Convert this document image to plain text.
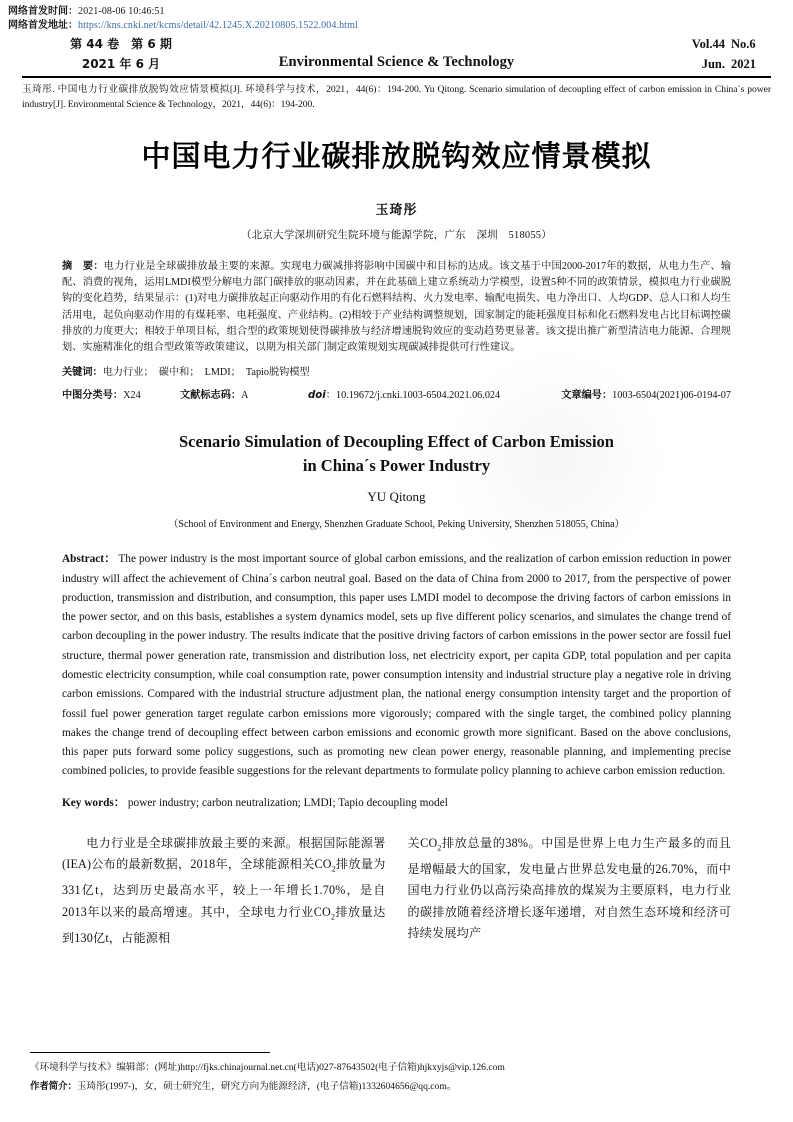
网络首发时间：2021-08-06 10:46:51
网络首发地址：https://kns.cnki.net/kcms/detail/42.1245.X.20210805.1522.004.html
第 44 卷　第 6 期
2021 年 6 月	Environmental Science & Technology
Vol.44 No.6
Jun. 2021
玉琦彤. 中国电力行业碳排放脱钩效应情景模拟[J]. 环境科学与技术，2021，44(6)：194-200. Yu Qitong. Scenario simulation of decoupling effect of carbon emission in China´s power industry[J]. Environmental Science & Technology，2021，44(6)：194-200.
中国电力行业碳排放脱钩效应情景模拟
玉琦彤
（北京大学深圳研究生院环境与能源学院，广东　深圳　518055）
摘　要：电力行业是全球碳排放最主要的来源。实现电力碳减排将影响中国碳中和目标的达成。该文基于中国2000-2017年的数据，从电力生产、输配、消费的视角，运用LMDI模型分解电力部门碳排放的驱动因素，并在此基础上建立系统动力学模型，设置5种不同的政策情景，模拟电力行业碳脱钩的变化趋势，结果显示：(1)对电力碳排放起正向驱动作用的有化石燃料结构、火力发电率、输配电损失、电力净出口、人均GDP、总人口和人均生活用电，起负向驱动作用的有煤耗率、电耗强度、产业结构。(2)相较于产业结构调整规划，国家制定的能耗强度目标和化石燃料发电占比目标调控碳排放的力度更大；相较于单项目标，组合型的政策规划使得碳排放与经济增速脱钩效应的变动趋势更显著。该文提出推广新型清洁电力能源、合理规划、实施精准化的组合型政策等政策建议，以期为相关部门制定政策规划实现碳减排提供可行性建议。
关键词：电力行业；　碳中和；　LMDI；　Tapio脱钩模型
中图分类号：X24	文献标志码：A	doi：10.19672/j.cnki.1003-6504.2021.06.024	文章编号：1003-6504(2021)06-0194-07
Scenario Simulation of Decoupling Effect of Carbon Emission
in China´s Power Industry
YU Qitong
（School of Environment and Energy, Shenzhen Graduate School, Peking University, Shenzhen 518055, China）
Abstract： The power industry is the most important source of global carbon emissions, and the realization of carbon emission reduction in power industry will affect the achievement of China´s carbon neutral goal. Based on the data of China from 2000 to 2017, from the perspective of power production, transmission and distribution, and consumption, this paper uses LMDI model to decompose the driving factors of carbon emissions in the power sector, and on this basis, establishes a system dynamics model, sets up five different policy scenarios, and simulates the change trend of carbon decoupling in the power industry. The results indicate that the positive driving factors of carbon emissions in the power sector are fossil fuel structure, thermal power generation rate, transmission and distribution loss, net electricity export, per capita GDP, total population and per capita domestic electricity consumption, while coal consumption rate, power consumption intensity and industrial structure play a negative role in driving carbon emissions. Compared with the industrial structure adjustment plan, the national energy consumption intensity target and the proportion of fossil fuel power generation target regulate carbon emissions more vigorously; compared with the single target, the combined policy planning makes the change trend of decoupling effect between carbon emissions and economic growth more significant. Based on the above conclusions, this paper puts forward some policy suggestions, such as promoting new clean power energy, reasonable planning, and implementing precise combined policies, to provide feasible suggestions for the relevant departments to formulate policy planning to achieve carbon emission reduction.
Key words： power industry; carbon neutralization; LMDI; Tapio decoupling model

电力行业是全球碳排放最主要的来源。根据国际能源署(IEA)公布的最新数据，2018年，全球能源相关$CO_2$排放量为331亿t，达到历史最高水平，较上一年增长1.70%，是自2013年以来的最高增速。其中，全球电力行业$CO_2$排放量达到130亿t，占能源相

关$CO_2$排放总量的38%。中国是世界上电力生产最多的而且是增幅最大的国家，发电量占世界总发电量的26.70%，而中国电力行业仍以高污染高排放的煤炭为主要原料，电力行业的碳排放随着经济增长逐年递增，对自然生态环境和经济可持续发展均产

《环境科学与技术》编辑部：(网址)http://fjks.chinajournal.net.cn(电话)027-87643502(电子信箱)hjkxyjs@vip.126.com
作者简介：玉琦彤(1997-)，女，硕士研究生，研究方向为能源经济，(电子信箱)1332604656@qq.com。
